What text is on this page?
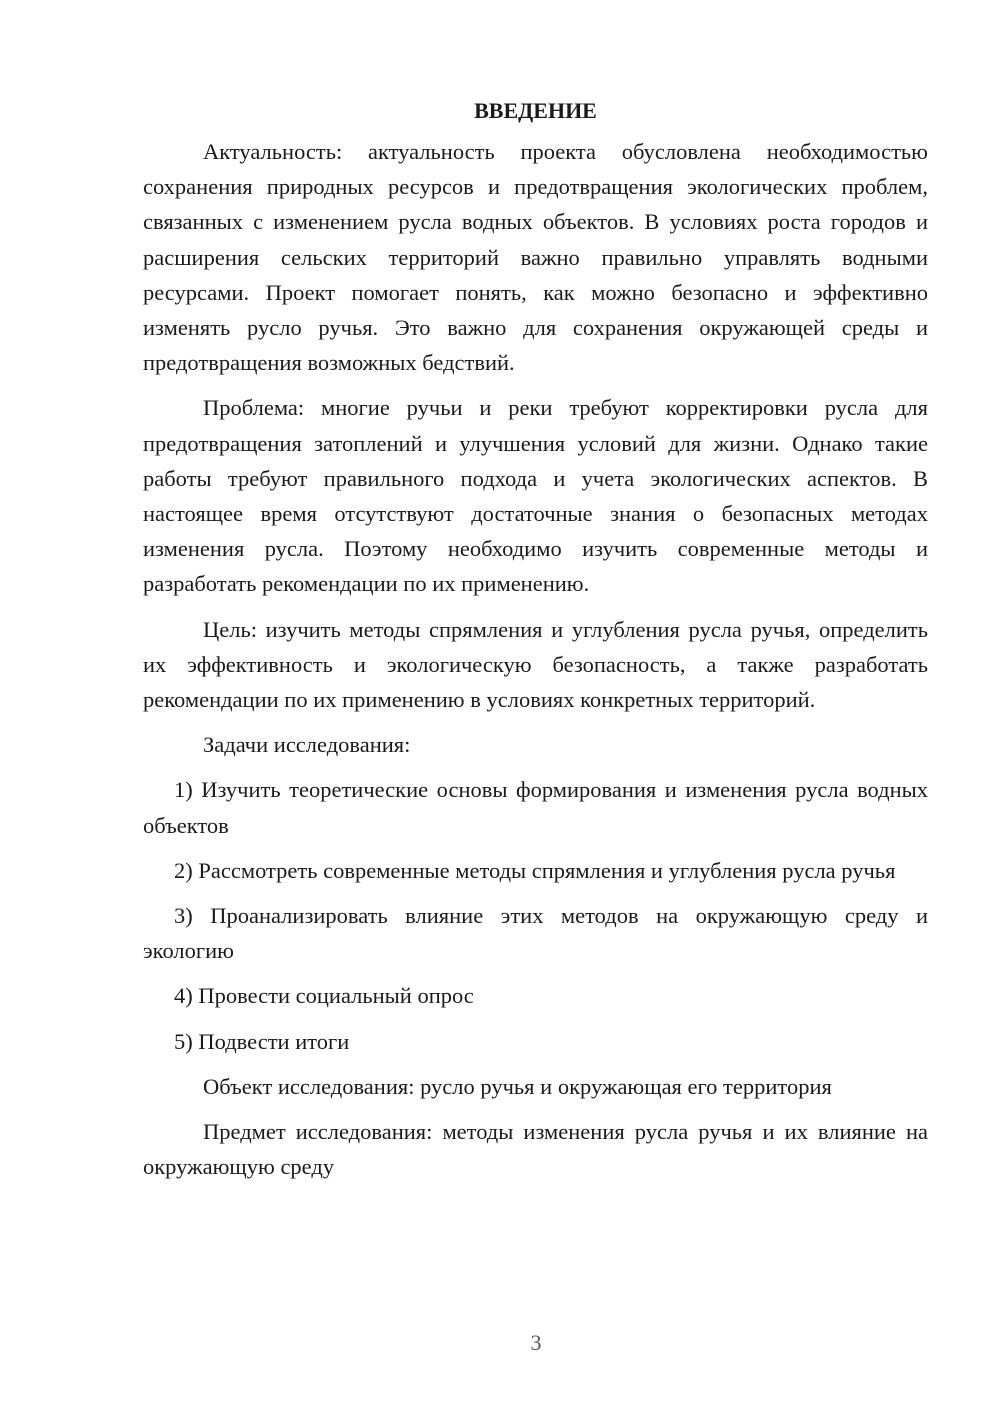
ВВЕДЕНИЕ

Актуальность: актуальность проекта обусловлена необходимостью сохранения природных ресурсов и предотвращения экологических проблем, связанных с изменением русла водных объектов. В условиях роста городов и расширения сельских территорий важно правильно управлять водными ресурсами. Проект помогает понять, как можно безопасно и эффективно изменять русло ручья. Это важно для сохранения окружающей среды и предотвращения возможных бедствий.

Проблема: многие ручьи и реки требуют корректировки русла для предотвращения затоплений и улучшения условий для жизни. Однако такие работы требуют правильного подхода и учета экологических аспектов. В настоящее время отсутствуют достаточные знания о безопасных методах изменения русла. Поэтому необходимо изучить современные методы и разработать рекомендации по их применению.

Цель: изучить методы спрямления и углубления русла ручья, определить их эффективность и экологическую безопасность, а также разработать рекомендации по их применению в условиях конкретных территорий.

Задачи исследования:

1) Изучить теоретические основы формирования и изменения русла водных объектов

2) Рассмотреть современные методы спрямления и углубления русла ручья

3) Проанализировать влияние этих методов на окружающую среду и экологию

4) Провести социальный опрос

5) Подвести итоги

Объект исследования: русло ручья и окружающая его территория

Предмет исследования: методы изменения русла ручья и их влияние на окружающую среду

3
